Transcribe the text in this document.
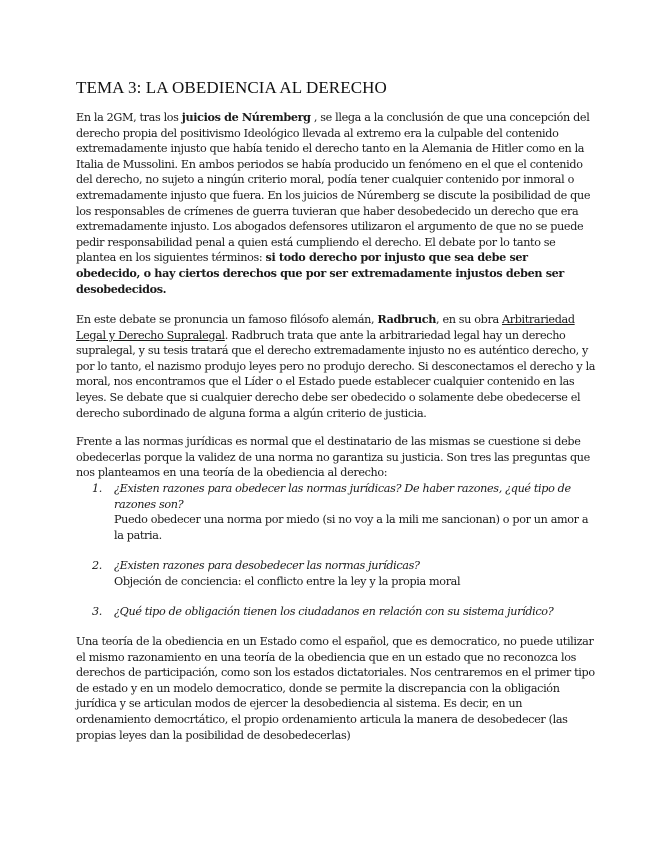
TEMA 3: LA OBEDIENCIA AL DERECHO
En la 2GM, tras los juicios de Núremberg , se llega a la conclusión de que una concepción del
derecho propia del positivismo Ideológico llevada al extremo era la culpable del contenido
extremadamente injusto que había tenido el derecho tanto en la Alemania de Hitler como en la
Italia de Mussolini. En ambos periodos se había producido un fenómeno en el que el contenido
del derecho, no sujeto a ningún criterio moral, podía tener cualquier contenido por inmoral o
extremadamente injusto que fuera. En los juicios de Núremberg se discute la posibilidad de que
los responsables de crímenes de guerra tuvieran que haber desobedecido un derecho que era
extremadamente injusto. Los abogados defensores utilizaron el argumento de que no se puede
pedir responsabilidad penal a quien está cumpliendo el derecho. El debate por lo tanto se
plantea en los siguientes términos: si todo derecho por injusto que sea debe ser
obedecido, o hay ciertos derechos que por ser extremadamente injustos deben ser
desobedecidos.
En este debate se pronuncia un famoso filósofo alemán, Radbruch, en su obra Arbitrariedad
Legal y Derecho Supralegal. Radbruch trata que ante la arbitrariedad legal hay un derecho
supralegal, y su tesis tratará que el derecho extremadamente injusto no es auténtico derecho, y
por lo tanto, el nazismo produjo leyes pero no produjo derecho. Si desconectamos el derecho y la
moral, nos encontramos que el Líder o el Estado puede establecer cualquier contenido en las
leyes. Se debate que si cualquier derecho debe ser obedecido o solamente debe obedecerse el
derecho subordinado de alguna forma a algún criterio de justicia.
Frente a las normas jurídicas es normal que el destinatario de las mismas se cuestione si debe
obedecerlas porque la validez de una norma no garantiza su justicia. Son tres las preguntas que
nos planteamos en una teoría de la obediencia al derecho:
1. ¿Existen razones para obedecer las normas jurídicas? De haber razones, ¿qué tipo de
razones son?
Puedo obedecer una norma por miedo (si no voy a la mili me sancionan) o por un amor a
la patria.
2. ¿Existen razones para desobedecer las normas jurídicas?
Objeción de conciencia: el conflicto entre la ley y la propia moral
3. ¿Qué tipo de obligación tienen los ciudadanos en relación con su sistema jurídico?
Una teoría de la obediencia en un Estado como el español, que es democratico, no puede utilizar
el mismo razonamiento en una teoría de la obediencia que en un estado que no reconozca los
derechos de participación, como son los estados dictatoriales. Nos centraremos en el primer tipo
de estado y en un modelo democratico, donde se permite la discrepancia con la obligación
jurídica y se articulan modos de ejercer la desobediencia al sistema. Es decir, en un
ordenamiento democrtático, el propio ordenamiento articula la manera de desobedecer (las
propias leyes dan la posibilidad de desobedecerlas)
